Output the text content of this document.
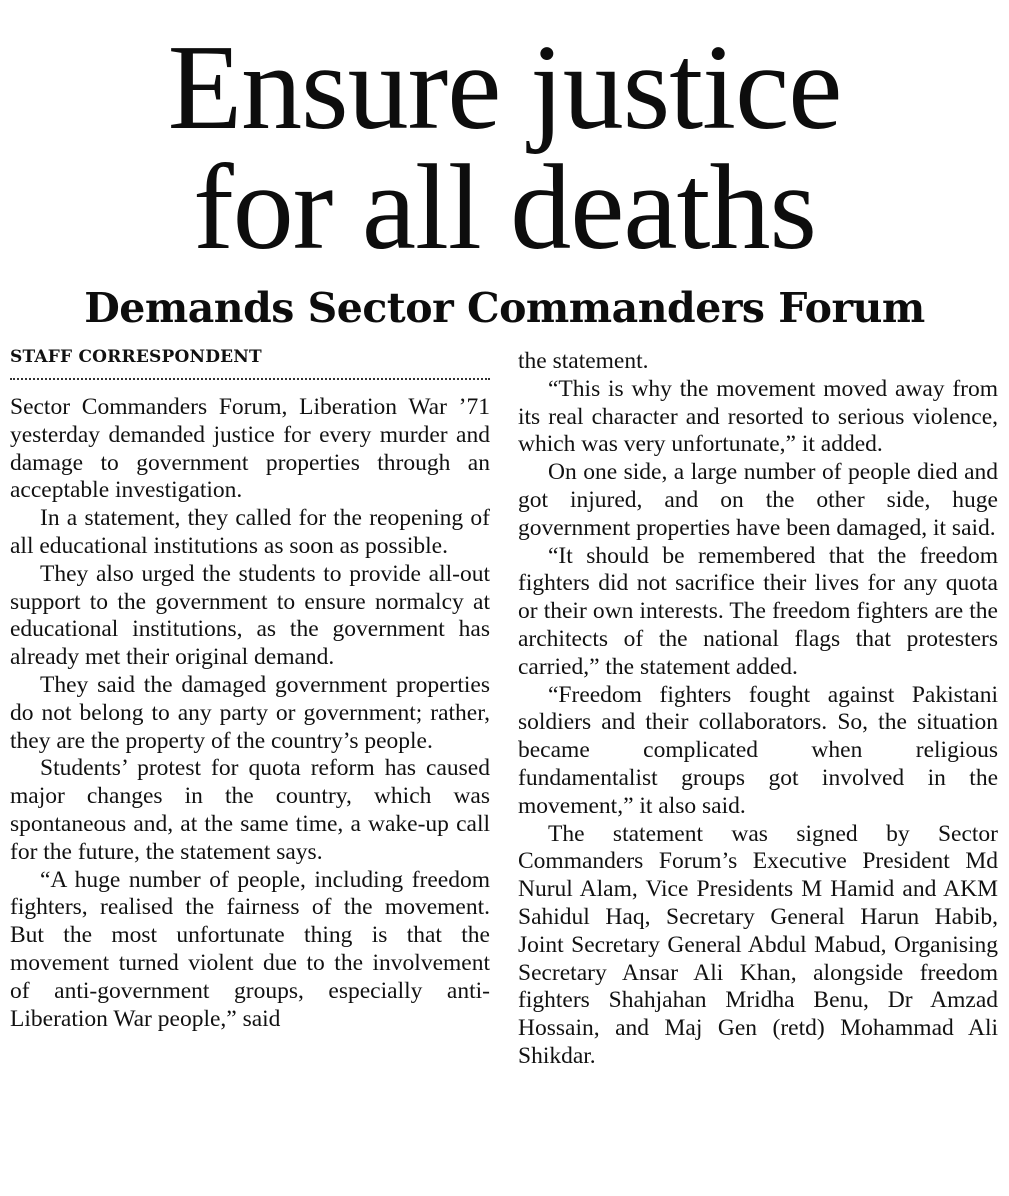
Ensure justice
for all deaths
Demands Sector Commanders Forum

STAFF CORRESPONDENT

Sector Commanders Forum, Liberation War ’71 yesterday demanded justice for every murder and damage to government properties through an acceptable investigation.

In a statement, they called for the reopening of all educational institutions as soon as possible.

They also urged the students to provide all-out support to the government to ensure normalcy at educational institutions, as the government has already met their original demand.

They said the damaged government properties do not belong to any party or government; rather, they are the property of the country’s people.

Students’ protest for quota reform has caused major changes in the country, which was spontaneous and, at the same time, a wake-up call for the future, the statement says.

“A huge number of people, including freedom fighters, realised the fairness of the movement. But the most unfortunate thing is that the movement turned violent due to the involvement of anti-government groups, especially anti-Liberation War people,” said

the statement.

“This is why the movement moved away from its real character and resorted to serious violence, which was very unfortunate,” it added.

On one side, a large number of people died and got injured, and on the other side, huge government properties have been damaged, it said.

“It should be remembered that the freedom fighters did not sacrifice their lives for any quota or their own interests. The freedom fighters are the architects of the national flags that protesters carried,” the statement added.

“Freedom fighters fought against Pakistani soldiers and their collaborators. So, the situation became complicated when religious fundamentalist groups got involved in the movement,” it also said.

The statement was signed by Sector Commanders Forum’s Executive President Md Nurul Alam, Vice Presidents M Hamid and AKM Sahidul Haq, Secretary General Harun Habib, Joint Secretary General Abdul Mabud, Organising Secretary Ansar Ali Khan, alongside freedom fighters Shahjahan Mridha Benu, Dr Amzad Hossain, and Maj Gen (retd) Mohammad Ali Shikdar.
